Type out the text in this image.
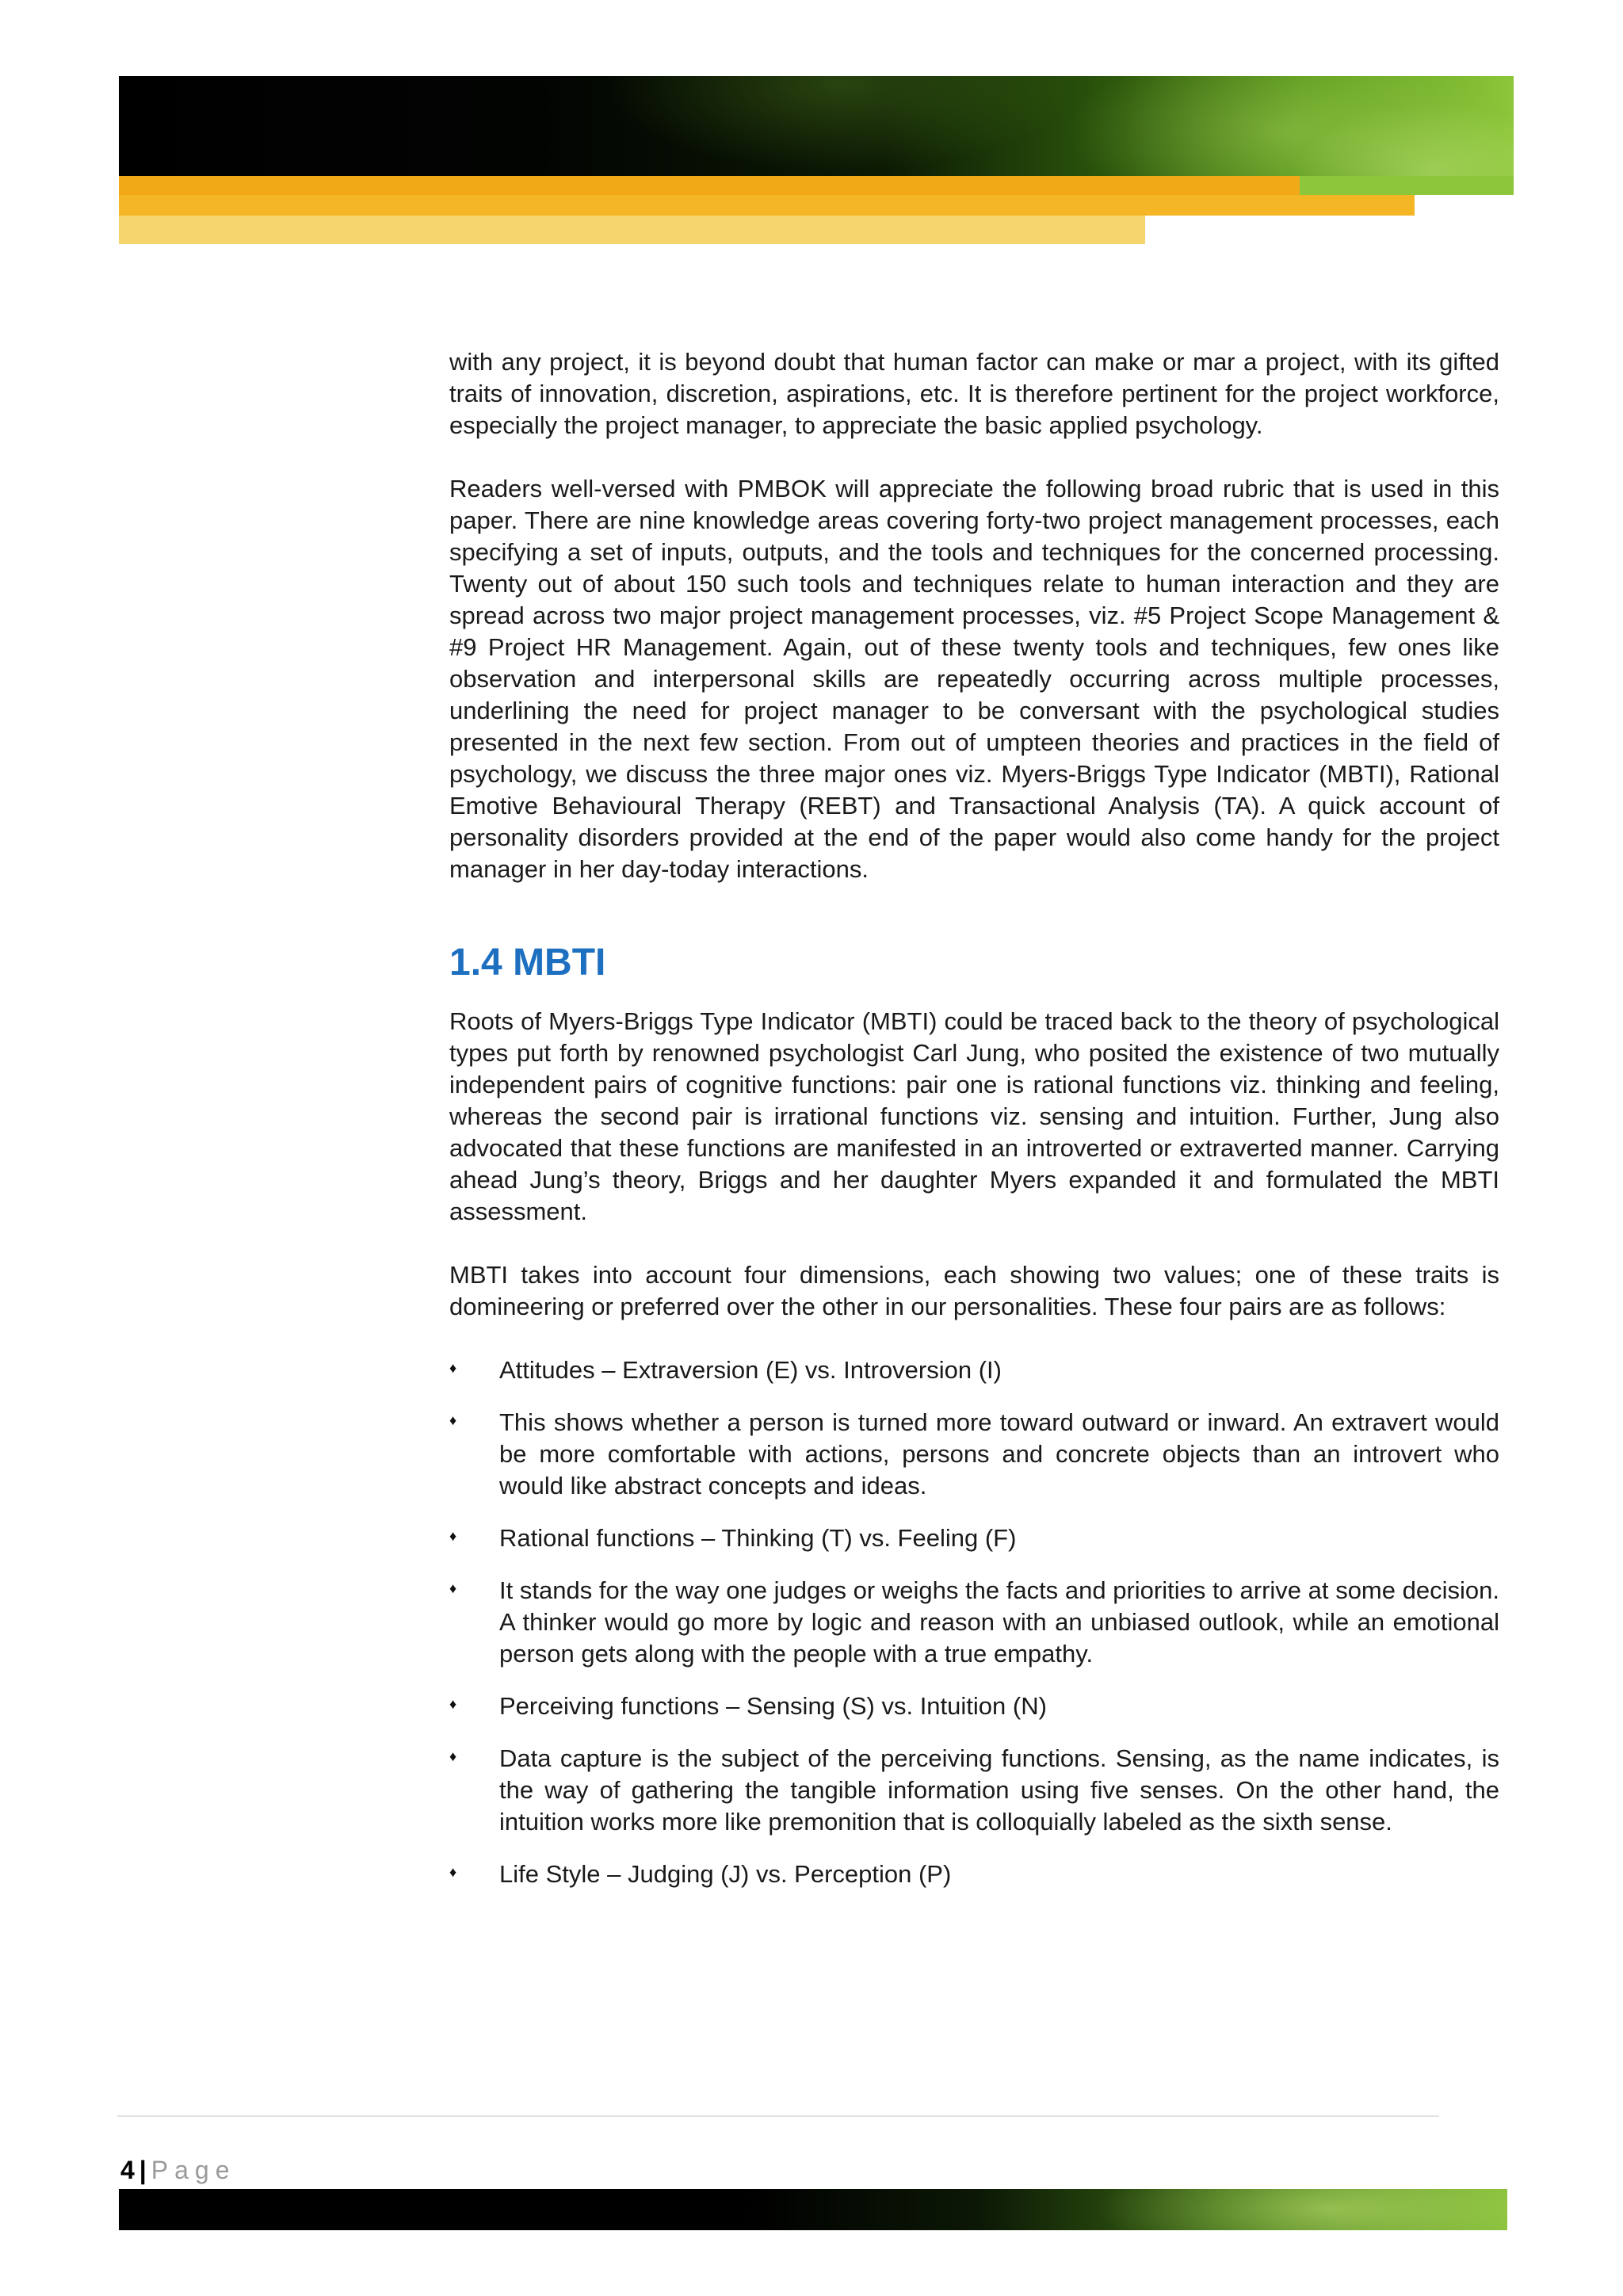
with any project, it is beyond doubt that human factor can make or mar a project, with its gifted traits of innovation, discretion, aspirations, etc. It is therefore pertinent for the project workforce, especially the project manager, to appreciate the basic applied psychology.

Readers well-versed with PMBOK will appreciate the following broad rubric that is used in this paper. There are nine knowledge areas covering forty-two project management processes, each specifying a set of inputs, outputs, and the tools and techniques for the concerned processing. Twenty out of about 150 such tools and techniques relate to human interaction and they are spread across two major project management processes, viz. #5 Project Scope Management & #9 Project HR Management. Again, out of these twenty tools and techniques, few ones like observation and interpersonal skills are repeatedly occurring across multiple processes, underlining the need for project manager to be conversant with the psychological studies presented in the next few section. From out of umpteen theories and practices in the field of psychology, we discuss the three major ones viz. Myers-Briggs Type Indicator (MBTI), Rational Emotive Behavioural Therapy (REBT) and Transactional Analysis (TA). A quick account of personality disorders provided at the end of the paper would also come handy for the project manager in her day-today interactions.

1.4 MBTI

Roots of Myers-Briggs Type Indicator (MBTI) could be traced back to the theory of psychological types put forth by renowned psychologist Carl Jung, who posited the existence of two mutually independent pairs of cognitive functions: pair one is rational functions viz. thinking and feeling, whereas the second pair is irrational functions viz. sensing and intuition. Further, Jung also advocated that these functions are manifested in an introverted or extraverted manner. Carrying ahead Jung’s theory, Briggs and her daughter Myers expanded it and formulated the MBTI assessment.

MBTI takes into account four dimensions, each showing two values; one of these traits is domineering or preferred over the other in our personalities. These four pairs are as follows:

♦	Attitudes – Extraversion (E) vs. Introversion (I)
♦	This shows whether a person is turned more toward outward or inward. An extravert would be more comfortable with actions, persons and concrete objects than an introvert who would like abstract concepts and ideas.
♦	Rational functions – Thinking (T) vs. Feeling (F)
♦	It stands for the way one judges or weighs the facts and priorities to arrive at some decision. A thinker would go more by logic and reason with an unbiased outlook, while an emotional person gets along with the people with a true empathy.
♦	Perceiving functions – Sensing (S) vs. Intuition (N)
♦	Data capture is the subject of the perceiving functions. Sensing, as the name indicates, is the way of gathering the tangible information using five senses. On the other hand, the intuition works more like premonition that is colloquially labeled as the sixth sense.
♦	Life Style – Judging (J) vs. Perception (P)
4 | Page
